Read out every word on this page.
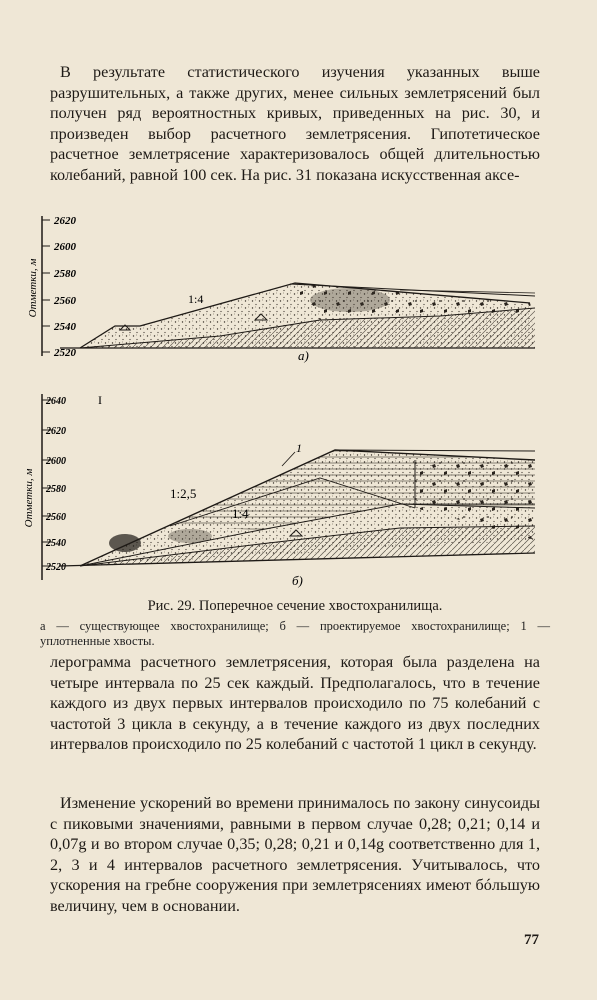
В результате статистического изучения указанных выше разрушительных, а также других, менее сильных землетрясений был получен ряд вероятностных кривых, приведенных на рис. 30, и произведен выбор расчетного землетрясения. Гипотетическое расчетное землетрясение характеризовалось общей длительностью колебаний, равной 100 сек. На рис. 31 показана искусственная аксе-

2620
2600
2580
2560
2540
2520
Отметки, м	1:4
а)
2640
2620
2600
2580
2560
2540
2520
Отметки, м
I
1
1:2,5
1:4
б)
Рис. 29. Поперечное сечение хвостохранилища.
а — существующее хвостохранилище; б — проектируемое хвостохранилище; 1 — уплотненные хвосты.

лерограмма расчетного землетрясения, которая была разделена на четыре интервала по 25 сек каждый. Предполагалось, что в течение каждого из двух первых интервалов происходило по 75 колебаний с частотой 3 цикла в секунду, а в течение каждого из двух последних интервалов происходило по 25 колебаний с частотой 1 цикл в секунду.

Изменение ускорений во времени принималось по закону синусоиды с пиковыми значениями, равными в первом случае 0,28; 0,21; 0,14 и 0,07g и во втором случае 0,35; 0,28; 0,21 и 0,14g соответственно для 1, 2, 3 и 4 интервалов расчетного землетрясения. Учитывалось, что ускорения на гребне сооружения при землетрясениях имеют бóльшую величину, чем в основании.

77
